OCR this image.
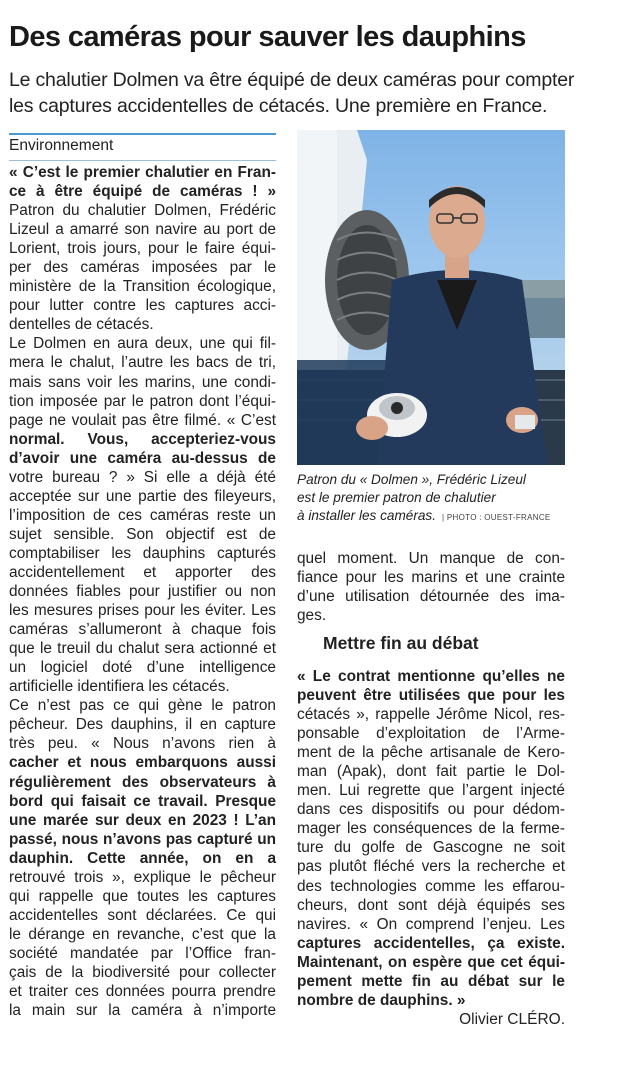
Des caméras pour sauver les dauphins
Le chalutier Dolmen va être équipé de deux caméras pour compter
les captures accidentelles de cétacés. Une première en France.
Environnement
« C’est le premier chalutier en Fran-
ce à être équipé de caméras ! »
Patron du chalutier Dolmen, Frédéric
Lizeul a amarré son navire au port de
Lorient, trois jours, pour le faire équi-
per des caméras imposées par le
ministère de la Transition écologique,
pour lutter contre les captures acci-
dentelles de cétacés.
Le Dolmen en aura deux, une qui fil-
mera le chalut, l’autre les bacs de tri,
mais sans voir les marins, une condi-
tion imposée par le patron dont l’équi-
page ne voulait pas être filmé. « C’est
normal. Vous, accepteriez-vous
d’avoir une caméra au-dessus de
votre bureau ? » Si elle a déjà été
acceptée sur une partie des fileyeurs,
l’imposition de ces caméras reste un
sujet sensible. Son objectif est de
comptabiliser les dauphins capturés
accidentellement et apporter des
données fiables pour justifier ou non
les mesures prises pour les éviter. Les
caméras s’allumeront à chaque fois
que le treuil du chalut sera actionné et
un logiciel doté d’une intelligence
artificielle identifiera les cétacés.
Ce n’est pas ce qui gène le patron
pêcheur. Des dauphins, il en capture
très peu. « Nous n’avons rien à
cacher et nous embarquons aussi
régulièrement des observateurs à
bord qui faisait ce travail. Presque
une marée sur deux en 2023 ! L’an
passé, nous n’avons pas capturé un
dauphin. Cette année, on en a
retrouvé trois », explique le pêcheur
qui rappelle que toutes les captures
accidentelles sont déclarées. Ce qui
le dérange en revanche, c’est que la
société mandatée par l’Office fran-
çais de la biodiversité pour collecter
et traiter ces données pourra prendre
la main sur la caméra à n’importe
Patron du « Dolmen », Frédéric Lizeul
est le premier patron de chalutier
à installer les caméras. | PHOTO : OUEST-FRANCE
quel moment. Un manque de con-
fiance pour les marins et une crainte
d’une utilisation détournée des ima-
ges.
Mettre fin au débat
« Le contrat mentionne qu’elles ne
peuvent être utilisées que pour les
cétacés », rappelle Jérôme Nicol, res-
ponsable d’exploitation de l’Arme-
ment de la pêche artisanale de Kero-
man (Apak), dont fait partie le Dol-
men. Lui regrette que l’argent injecté
dans ces dispositifs ou pour dédom-
mager les conséquences de la ferme-
ture du golfe de Gascogne ne soit
pas plutôt fléché vers la recherche et
des technologies comme les effarou-
cheurs, dont sont déjà équipés ses
navires. « On comprend l’enjeu. Les
captures accidentelles, ça existe.
Maintenant, on espère que cet équi-
pement mette fin au débat sur le
nombre de dauphins. »
Olivier CLÉRO.
